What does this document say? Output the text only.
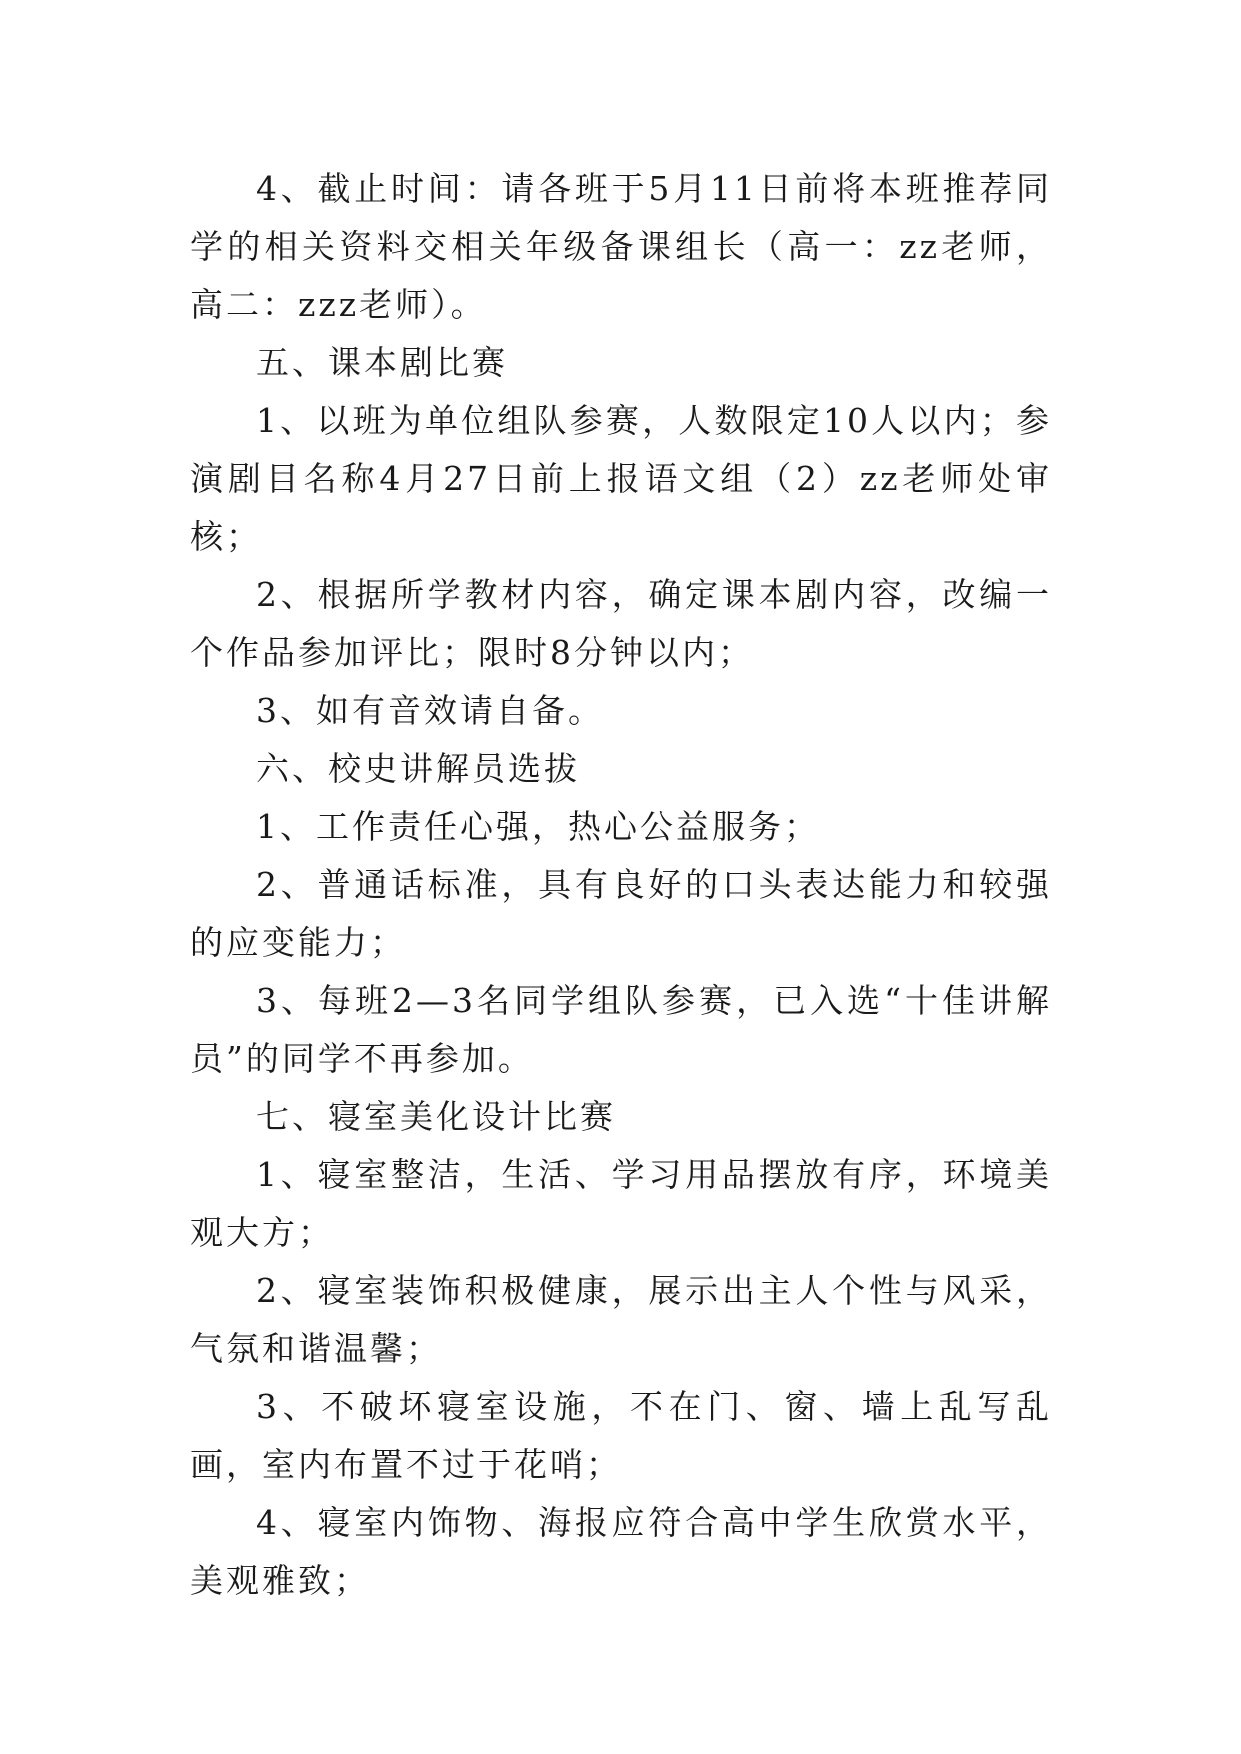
4、截止时间：请各班于5月11日前将本班推荐同学的相关资料交相关年级备课组长（高一：zz老师，高二：zzz老师）。

五、课本剧比赛

1、以班为单位组队参赛，人数限定10人以内；参演剧目名称4月27日前上报语文组（2）zz老师处审核；

2、根据所学教材内容，确定课本剧内容，改编一个作品参加评比；限时8分钟以内；

3、如有音效请自备。

六、校史讲解员选拔

1、工作责任心强，热心公益服务；

2、普通话标准，具有良好的口头表达能力和较强的应变能力；

3、每班2—3名同学组队参赛，已入选“十佳讲解员”的同学不再参加。

七、寝室美化设计比赛

1、寝室整洁，生活、学习用品摆放有序，环境美观大方；

2、寝室装饰积极健康，展示出主人个性与风采，气氛和谐温馨；

3、不破坏寝室设施，不在门、窗、墙上乱写乱画，室内布置不过于花哨；

4、寝室内饰物、海报应符合高中学生欣赏水平，美观雅致；
